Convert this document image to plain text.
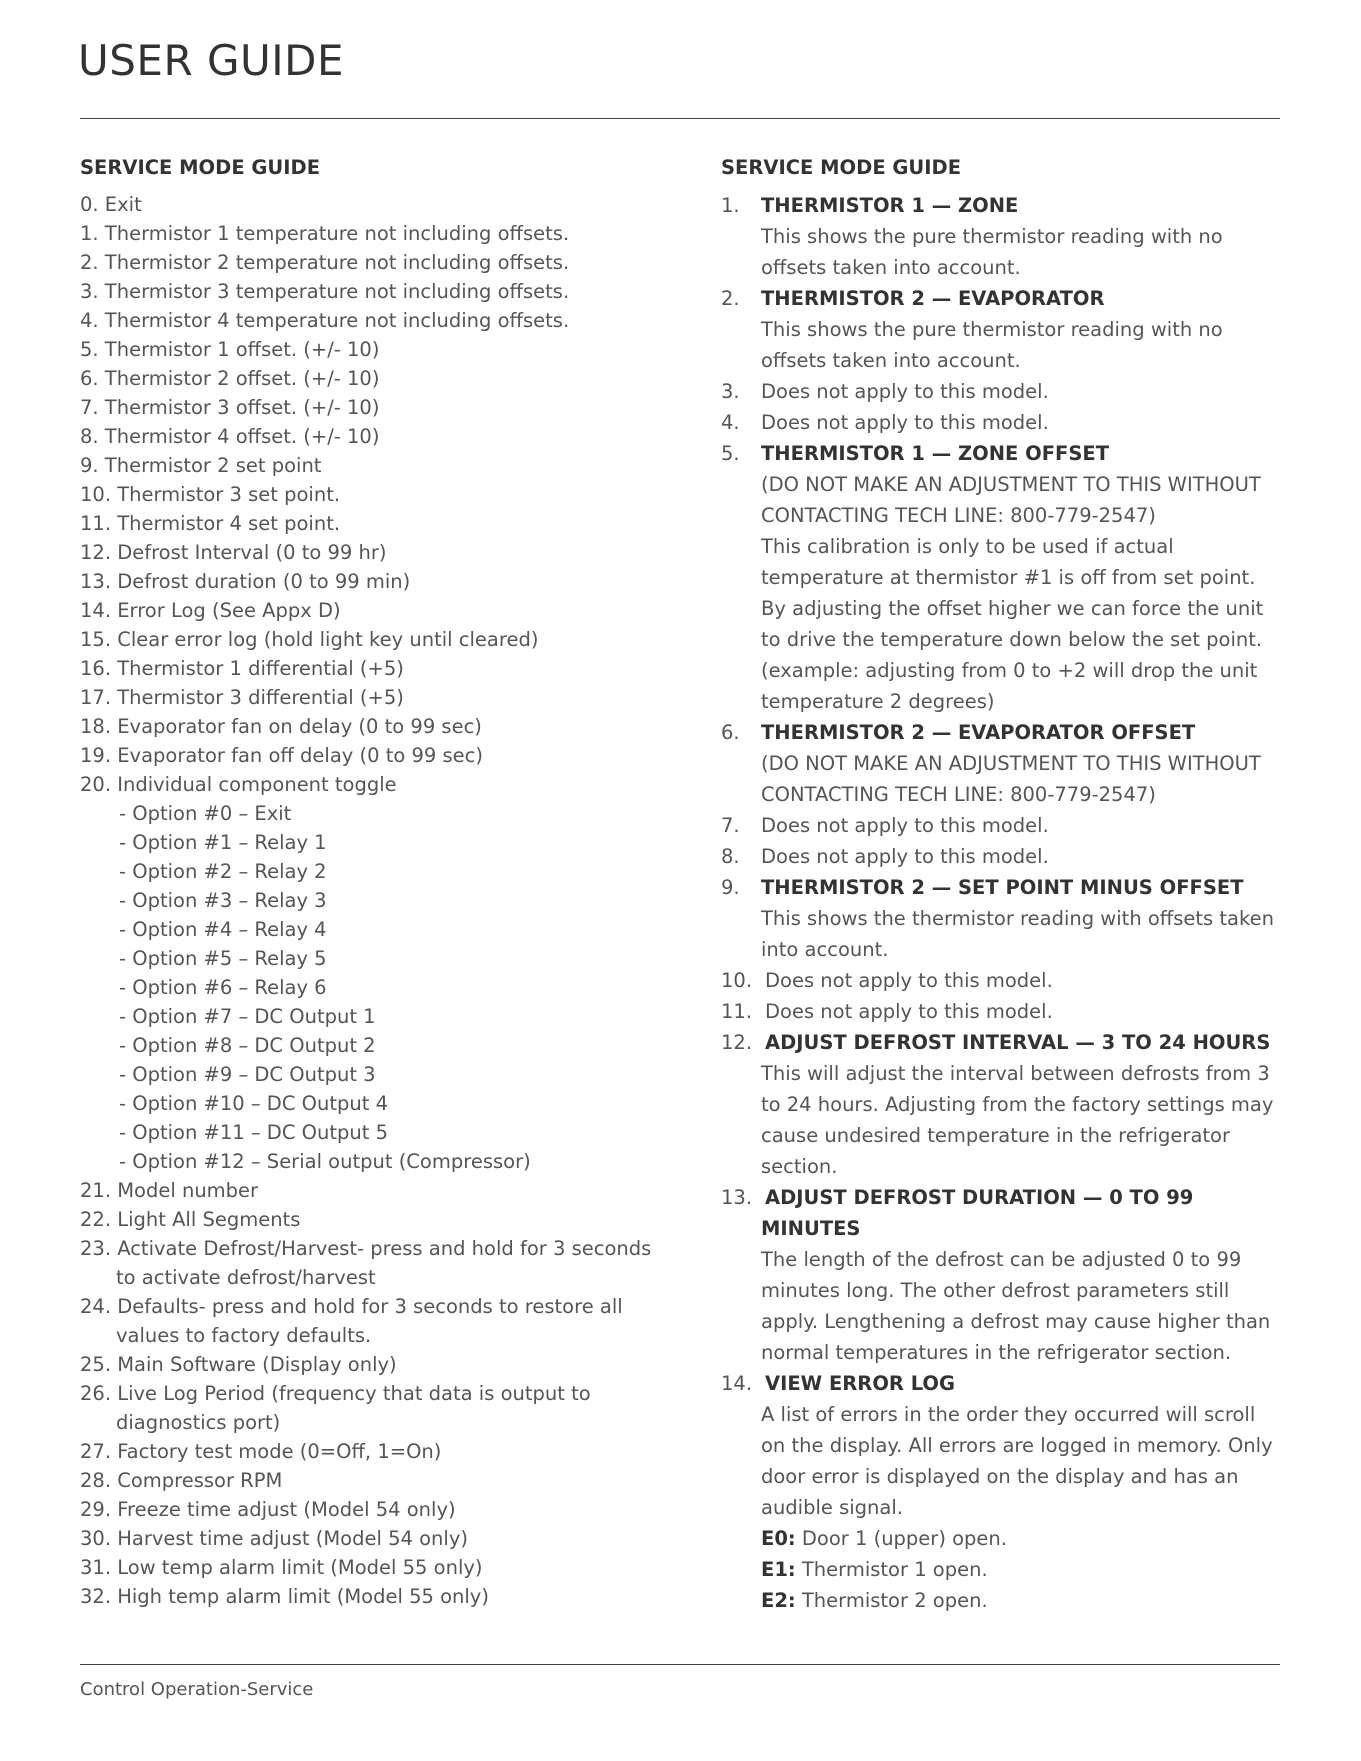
USER GUIDE
SERVICE MODE GUIDE
0. Exit
1. Thermistor 1 temperature not including offsets.
2. Thermistor 2 temperature not including offsets.
3. Thermistor 3 temperature not including offsets.
4. Thermistor 4 temperature not including offsets.
5. Thermistor 1 offset. (+/- 10)
6. Thermistor 2 offset. (+/- 10)
7. Thermistor 3 offset. (+/- 10)
8. Thermistor 4 offset. (+/- 10)
9. Thermistor 2 set point
10. Thermistor 3 set point.
11. Thermistor 4 set point.
12. Defrost Interval (0 to 99 hr)
13. Defrost duration (0 to 99 min)
14. Error Log (See Appx D)
15. Clear error log (hold light key until cleared)
16. Thermistor 1 differential (+5)
17. Thermistor 3 differential (+5)
18. Evaporator fan on delay (0 to 99 sec)
19. Evaporator fan off delay (0 to 99 sec)
20. Individual component toggle
- Option #0 – Exit
- Option #1 – Relay 1
- Option #2 – Relay 2
- Option #3 – Relay 3
- Option #4 – Relay 4
- Option #5 – Relay 5
- Option #6 – Relay 6
- Option #7 – DC Output 1
- Option #8 – DC Output 2
- Option #9 – DC Output 3
- Option #10 – DC Output 4
- Option #11 – DC Output 5
- Option #12 – Serial output (Compressor)
21. Model number
22. Light All Segments
23. Activate Defrost/Harvest- press and hold for 3 seconds
to activate defrost/harvest
24. Defaults- press and hold for 3 seconds to restore all
values to factory defaults.
25. Main Software (Display only)
26. Live Log Period (frequency that data is output to
diagnostics port)
27. Factory test mode (0=Off, 1=On)
28. Compressor RPM
29. Freeze time adjust (Model 54 only)
30. Harvest time adjust (Model 54 only)
31. Low temp alarm limit (Model 55 only)
32. High temp alarm limit (Model 55 only)
SERVICE MODE GUIDE
1. THERMISTOR 1 — ZONE
This shows the pure thermistor reading with no offsets taken into account.
2. THERMISTOR 2 — EVAPORATOR
This shows the pure thermistor reading with no offsets taken into account.
3. Does not apply to this model.
4. Does not apply to this model.
5. THERMISTOR 1 — ZONE OFFSET
(DO NOT MAKE AN ADJUSTMENT TO THIS WITHOUT CONTACTING TECH LINE: 800-779-2547)
This calibration is only to be used if actual temperature at thermistor #1 is off from set point. By adjusting the offset higher we can force the unit to drive the temperature down below the set point. (example: adjusting from 0 to +2 will drop the unit temperature 2 degrees)
6. THERMISTOR 2 — EVAPORATOR OFFSET
(DO NOT MAKE AN ADJUSTMENT TO THIS WITHOUT CONTACTING TECH LINE: 800-779-2547)
7. Does not apply to this model.
8. Does not apply to this model.
9. THERMISTOR 2 — SET POINT MINUS OFFSET
This shows the thermistor reading with offsets taken into account.
10. Does not apply to this model.
11. Does not apply to this model.
12. ADJUST DEFROST INTERVAL — 3 TO 24 HOURS
This will adjust the interval between defrosts from 3 to 24 hours. Adjusting from the factory settings may cause undesired temperature in the refrigerator section.
13. ADJUST DEFROST DURATION — 0 TO 99 MINUTES
The length of the defrost can be adjusted 0 to 99 minutes long. The other defrost parameters still apply. Lengthening a defrost may cause higher than normal temperatures in the refrigerator section.
14. VIEW ERROR LOG
A list of errors in the order they occurred will scroll on the display. All errors are logged in memory. Only door error is displayed on the display and has an audible signal.
E0: Door 1 (upper) open.
E1: Thermistor 1 open.
E2: Thermistor 2 open.
Control Operation-Service
